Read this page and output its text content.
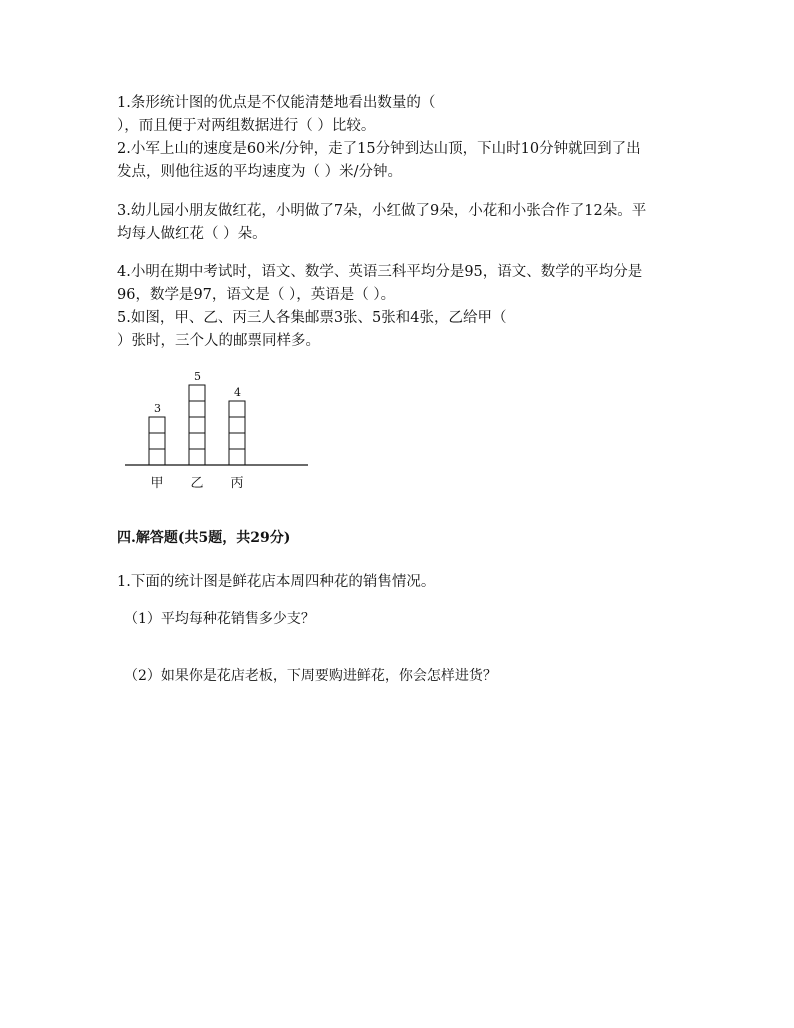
1.条形统计图的优点是不仅能清楚地看出数量的（
），而且便于对两组数据进行（ ）比较。
2.小军上山的速度是60米/分钟，走了15分钟到达山顶，下山时10分钟就回到了出
发点，则他往返的平均速度为（ ）米/分钟。
3.幼儿园小朋友做红花，小明做了7朵，小红做了9朵，小花和小张合作了12朵。平
均每人做红花（ ）朵。
4.小明在期中考试时，语文、数学、英语三科平均分是95，语文、数学的平均分是
96，数学是97，语文是（ ），英语是（ ）。
5.如图，甲、乙、丙三人各集邮票3张、5张和4张，乙给甲（
）张时，三个人的邮票同样多。
3
甲
5
乙
4
丙
四.解答题(共5题，共29分)
1.下面的统计图是鲜花店本周四种花的销售情况。
（1）平均每种花销售多少支？
（2）如果你是花店老板，下周要购进鲜花，你会怎样进货？
